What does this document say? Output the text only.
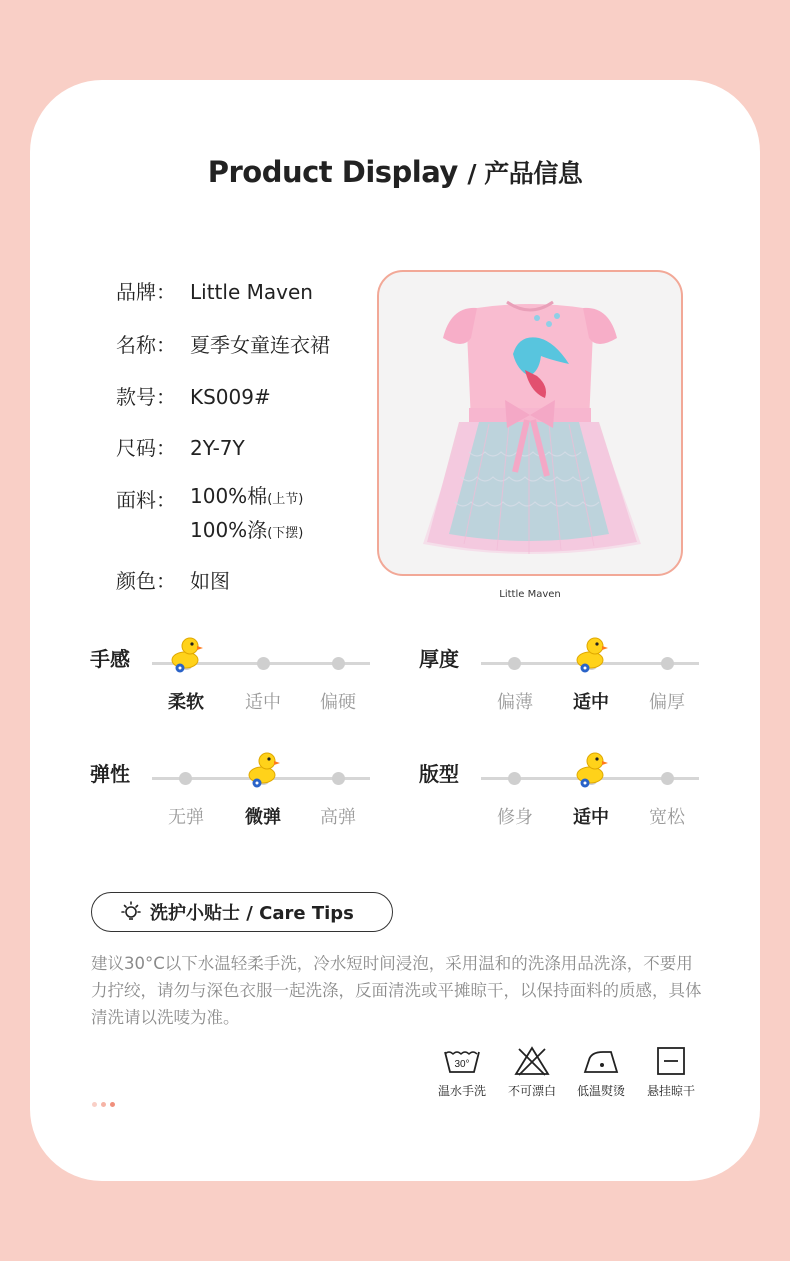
Product Display / 产品信息
品牌： Little Maven
名称： 夏季女童连衣裙
款号： KS009#
尺码： 2Y-7Y
面料： 100%棉(上节)
100%涤(下摆)
颜色： 如图
Little Maven
手感
柔软	适中	偏硬
厚度
偏薄	适中	偏厚
弹性
无弹	微弹	高弹
版型
修身	适中	宽松
洗护小贴士 / Care Tips
建议30°C以下水温轻柔手洗，冷水短时间浸泡，采用温和的洗涤用品洗涤，不要用力拧绞，请勿与深色衣服一起洗涤，反面清洗或平摊晾干，以保持面料的质感，具体清洗请以洗唛为准。
30°
温水手洗	不可漂白	低温熨烫	悬挂晾干
